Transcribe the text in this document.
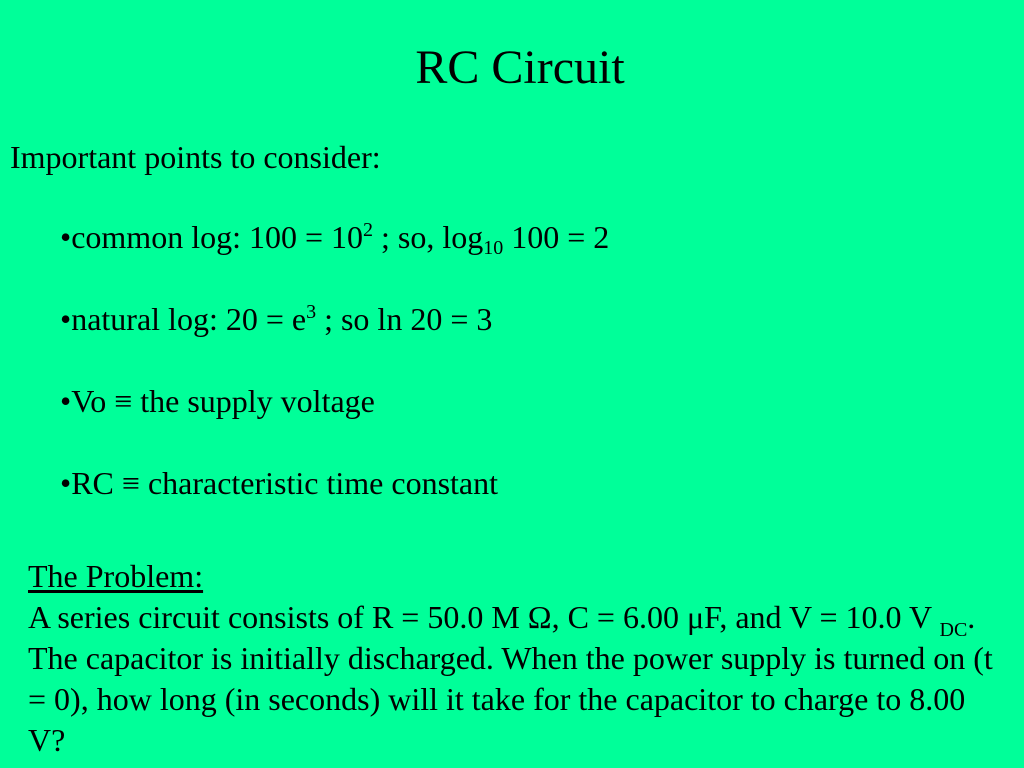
RC Circuit
Important points to consider:
•common log: $100 = 10^2$ ; so, $\log_{10} 100 = 2$
•natural log: $20 = e^3$ ; so ln 20 = 3
•Vo ≡ the supply voltage
•RC ≡ characteristic time constant
The Problem:
A series circuit consists of R = 50.0 M Ω, C = 6.00 μF, and V = 10.0 V $_{DC}$. The capacitor is initially discharged. When the power supply is turned on (t = 0), how long (in seconds) will it take for the capacitor to charge to 8.00 V?
